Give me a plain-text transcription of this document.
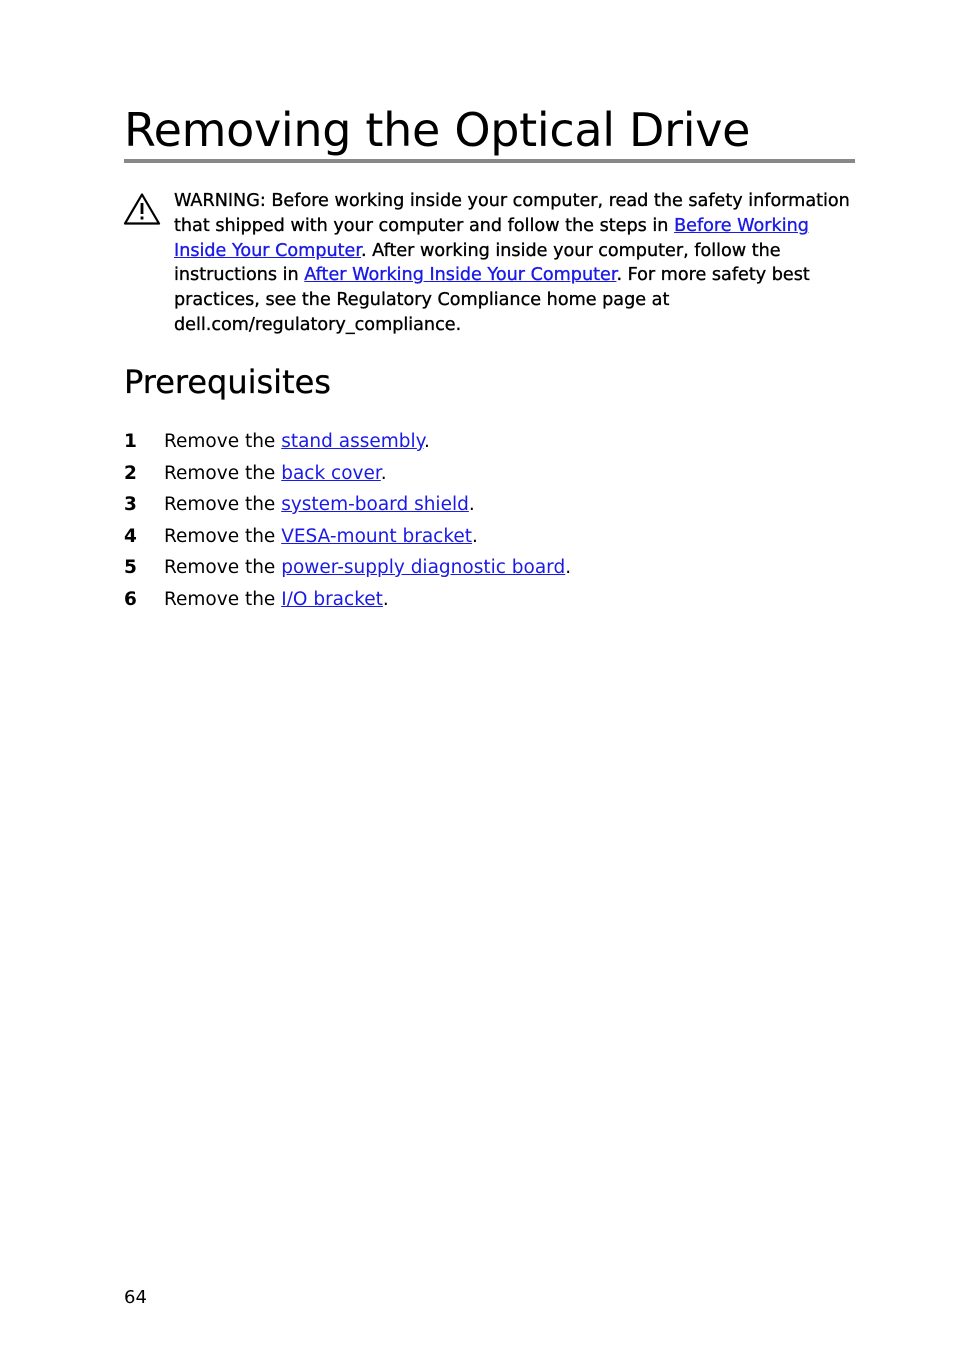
Removing the Optical Drive

WARNING: Before working inside your computer, read the safety information that shipped with your computer and follow the steps in Before Working Inside Your Computer. After working inside your computer, follow the instructions in After Working Inside Your Computer. For more safety best practices, see the Regulatory Compliance home page at dell.com/regulatory_compliance.

Prerequisites
1 Remove the stand assembly.
2 Remove the back cover.
3 Remove the system-board shield.
4 Remove the VESA-mount bracket.
5 Remove the power-supply diagnostic board.
6 Remove the I/O bracket.
64
